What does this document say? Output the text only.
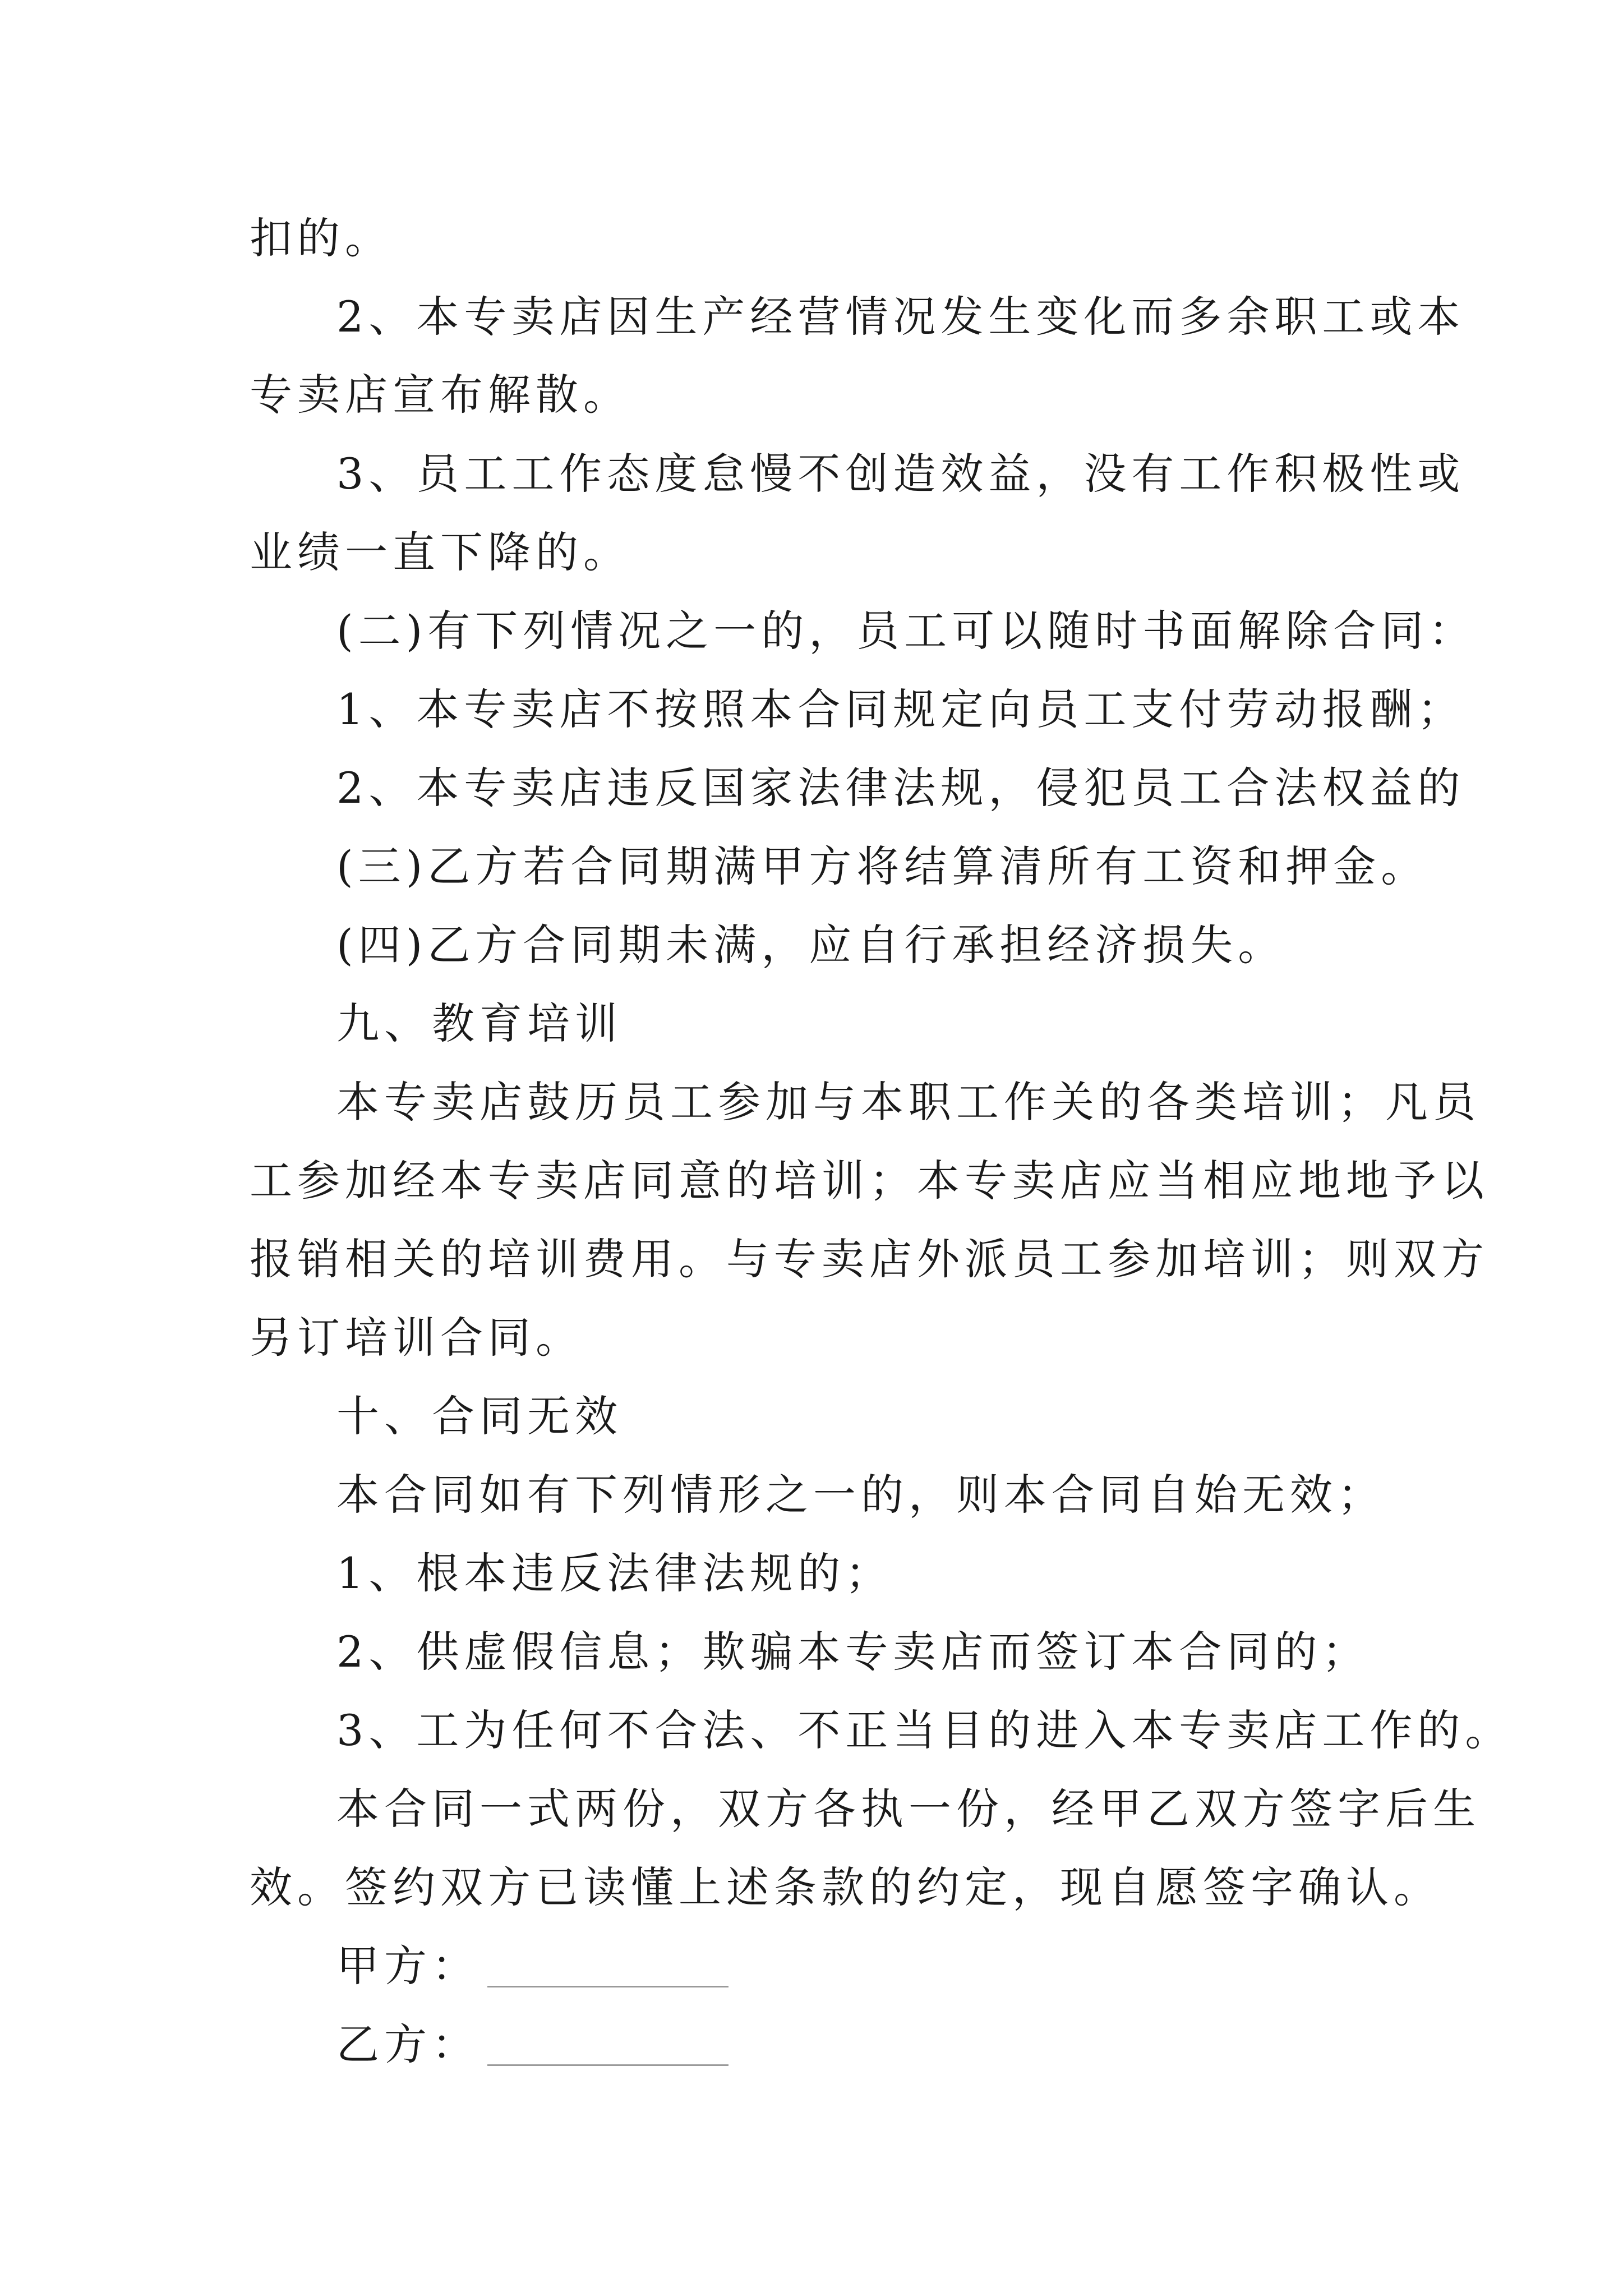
扣的。

2、本专卖店因生产经营情况发生变化而多余职工或本

专卖店宣布解散。

3、员工工作态度怠慢不创造效益，没有工作积极性或

业绩一直下降的。

(二)有下列情况之一的，员工可以随时书面解除合同：

1、本专卖店不按照本合同规定向员工支付劳动报酬；

2、本专卖店违反国家法律法规，侵犯员工合法权益的

(三)乙方若合同期满甲方将结算清所有工资和押金。

(四)乙方合同期未满，应自行承担经济损失。

九、教育培训

本专卖店鼓历员工参加与本职工作关的各类培训；凡员

工参加经本专卖店同意的培训；本专卖店应当相应地地予以

报销相关的培训费用。与专卖店外派员工参加培训；则双方

另订培训合同。

十、合同无效

本合同如有下列情形之一的，则本合同自始无效；

1、根本违反法律法规的；

2、供虚假信息；欺骗本专卖店而签订本合同的；

3、工为任何不合法、不正当目的进入本专卖店工作的。

本合同一式两份，双方各执一份，经甲乙双方签字后生

效。签约双方已读懂上述条款的约定，现自愿签字确认。

甲方：
乙方：
